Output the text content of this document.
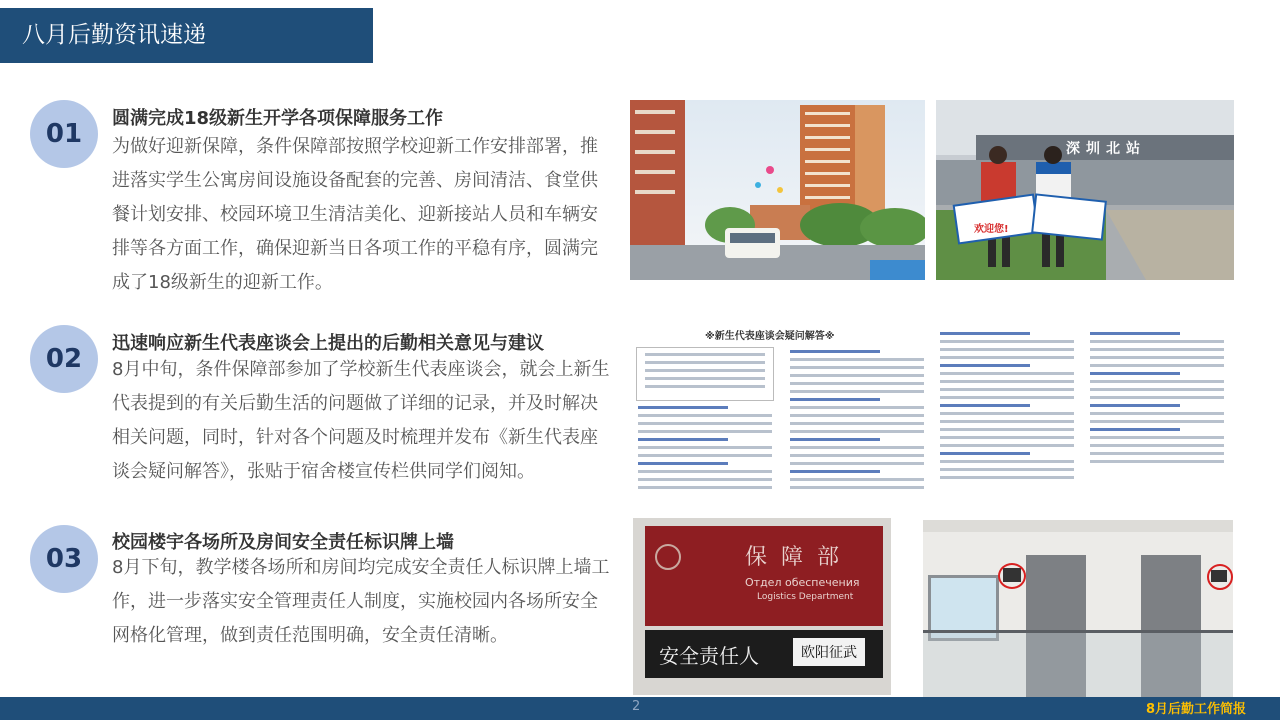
八月后勤资讯速递
01
圆满完成18级新生开学各项保障服务工作
为做好迎新保障，条件保障部按照学校迎新工作安排部署，推进落实学生公寓房间设施设备配套的完善、房间清洁、食堂供餐计划安排、校园环境卫生清洁美化、迎新接站人员和车辆安排等各方面工作，确保迎新当日各项工作的平稳有序，圆满完成了18级新生的迎新工作。
02
迅速响应新生代表座谈会上提出的后勤相关意见与建议
8月中旬，条件保障部参加了学校新生代表座谈会，就会上新生代表提到的有关后勤生活的问题做了详细的记录，并及时解决相关问题，同时，针对各个问题及时梳理并发布《新生代表座谈会疑问解答》，张贴于宿舍楼宣传栏供同学们阅知。
03
校园楼宇各场所及房间安全责任标识牌上墙
8月下旬，教学楼各场所和房间均完成安全责任人标识牌上墙工作，进一步落实安全管理责任人制度，实施校园内各场所安全网格化管理，做到责任范围明确，安全责任清晰。
深圳北站
欢迎您!
※新生代表座谈会疑问解答※
保障部
Отдел обеспечения
Logistics Department
安全责任人	欧阳征武
2	8月后勤工作简报
